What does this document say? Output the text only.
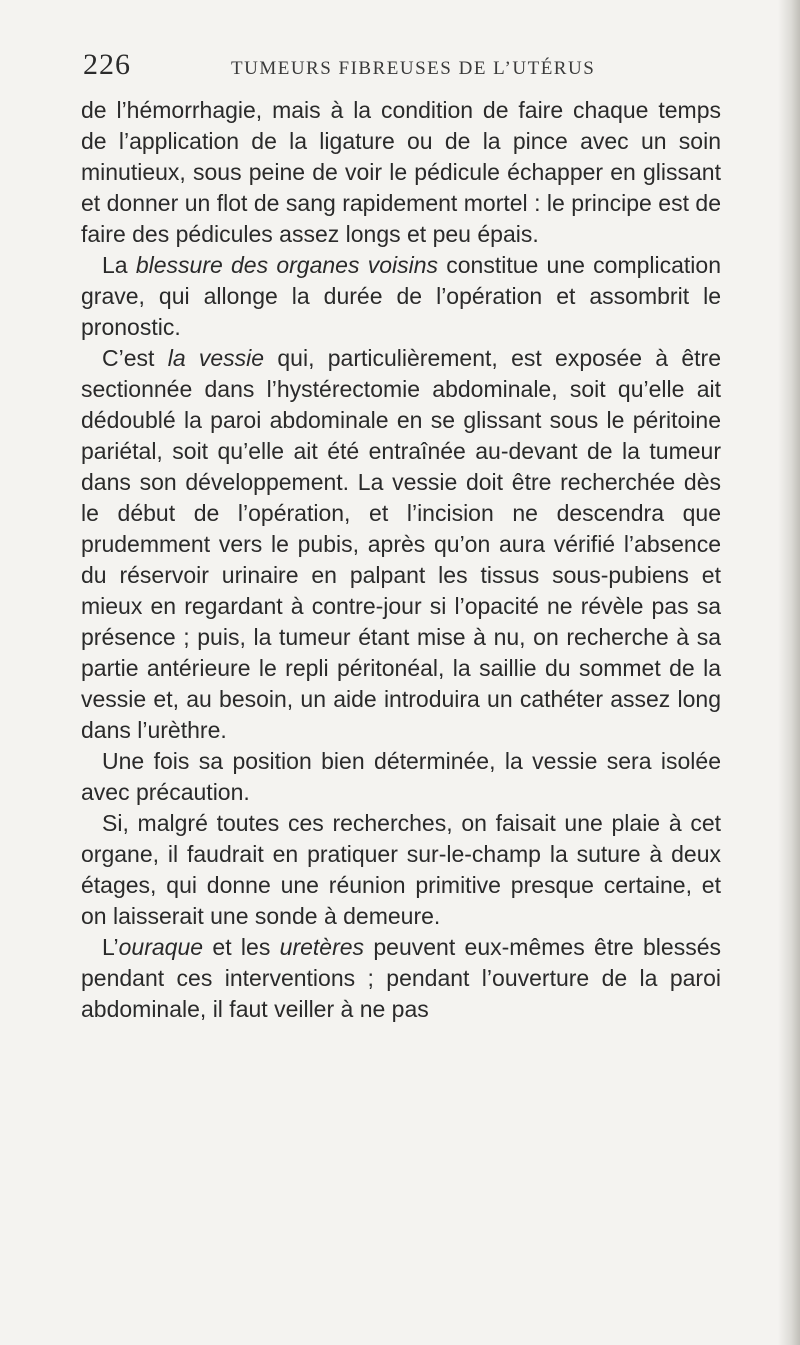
226	TUMEURS FIBREUSES DE L’UTÉRUS

de l’hémorrhagie, mais à la condition de faire chaque temps de l’application de la ligature ou de la pince avec un soin minutieux, sous peine de voir le pédicule échapper en glissant et donner un flot de sang rapidement mortel : le principe est de faire des pédicules assez longs et peu épais.

La blessure des organes voisins constitue une complication grave, qui allonge la durée de l’opération et assombrit le pronostic.

C’est la vessie qui, particulièrement, est exposée à être sectionnée dans l’hystérectomie abdominale, soit qu’elle ait dédoublé la paroi abdominale en se glissant sous le péritoine pariétal, soit qu’elle ait été entraînée au-devant de la tumeur dans son développement. La vessie doit être recherchée dès le début de l’opération, et l’incision ne descendra que prudemment vers le pubis, après qu’on aura vérifié l’absence du réservoir urinaire en palpant les tissus sous-pubiens et mieux en regardant à contre-jour si l’opacité ne révèle pas sa présence ; puis, la tumeur étant mise à nu, on recherche à sa partie antérieure le repli péritonéal, la saillie du sommet de la vessie et, au besoin, un aide introduira un cathéter assez long dans l’urèthre.

Une fois sa position bien déterminée, la vessie sera isolée avec précaution.

Si, malgré toutes ces recherches, on faisait une plaie à cet organe, il faudrait en pratiquer sur-le-champ la suture à deux étages, qui donne une réunion primitive presque certaine, et on laisserait une sonde à demeure.

L’ouraque et les uretères peuvent eux-mêmes être blessés pendant ces interventions ; pendant l’ouverture de la paroi abdominale, il faut veiller à ne pas
